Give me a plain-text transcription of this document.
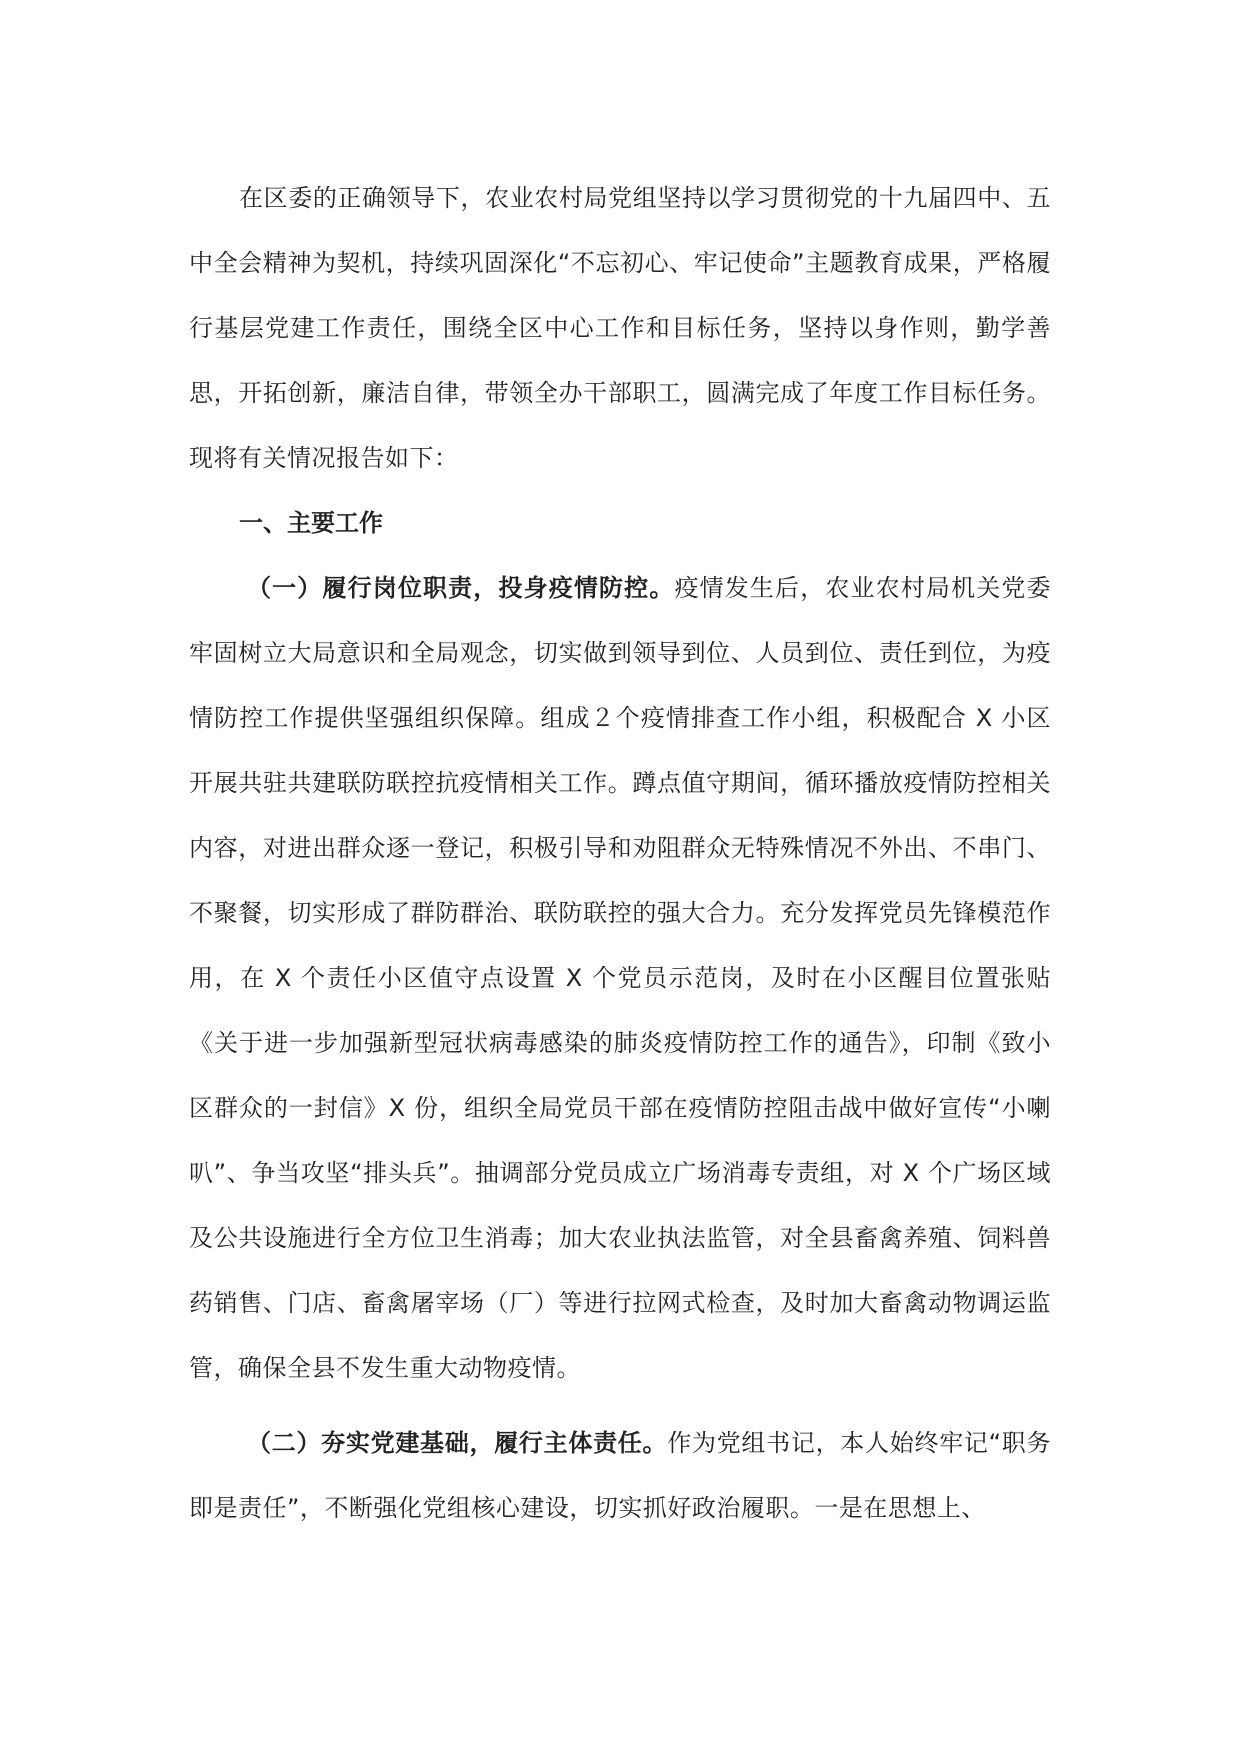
在区委的正确领导下，农业农村局党组坚持以学习贯彻党的十九届四中、五中全会精神为契机，持续巩固深化“不忘初心、牢记使命”主题教育成果，严格履行基层党建工作责任，围绕全区中心工作和目标任务，坚持以身作则，勤学善思，开拓创新，廉洁自律，带领全办干部职工，圆满完成了年度工作目标任务。现将有关情况报告如下：

一、主要工作

（一）履行岗位职责，投身疫情防控。疫情发生后，农业农村局机关党委牢固树立大局意识和全局观念，切实做到领导到位、人员到位、责任到位，为疫情防控工作提供坚强组织保障。组成２个疫情排查工作小组，积极配合 X 小区开展共驻共建联防联控抗疫情相关工作。蹲点值守期间，循环播放疫情防控相关内容，对进出群众逐一登记，积极引导和劝阻群众无特殊情况不外出、不串门、不聚餐，切实形成了群防群治、联防联控的强大合力。充分发挥党员先锋模范作用，在 X 个责任小区值守点设置 X 个党员示范岗，及时在小区醒目位置张贴《关于进一步加强新型冠状病毒感染的肺炎疫情防控工作的通告》，印制《致小区群众的一封信》X 份，组织全局党员干部在疫情防控阻击战中做好宣传“小喇叭”、争当攻坚“排头兵”。抽调部分党员成立广场消毒专责组，对 X 个广场区域及公共设施进行全方位卫生消毒；加大农业执法监管，对全县畜禽养殖、饲料兽药销售、门店、畜禽屠宰场（厂）等进行拉网式检查，及时加大畜禽动物调运监管，确保全县不发生重大动物疫情。

（二）夯实党建基础，履行主体责任。作为党组书记，本人始终牢记“职务即是责任”，不断强化党组核心建设，切实抓好政治履职。一是在思想上、
